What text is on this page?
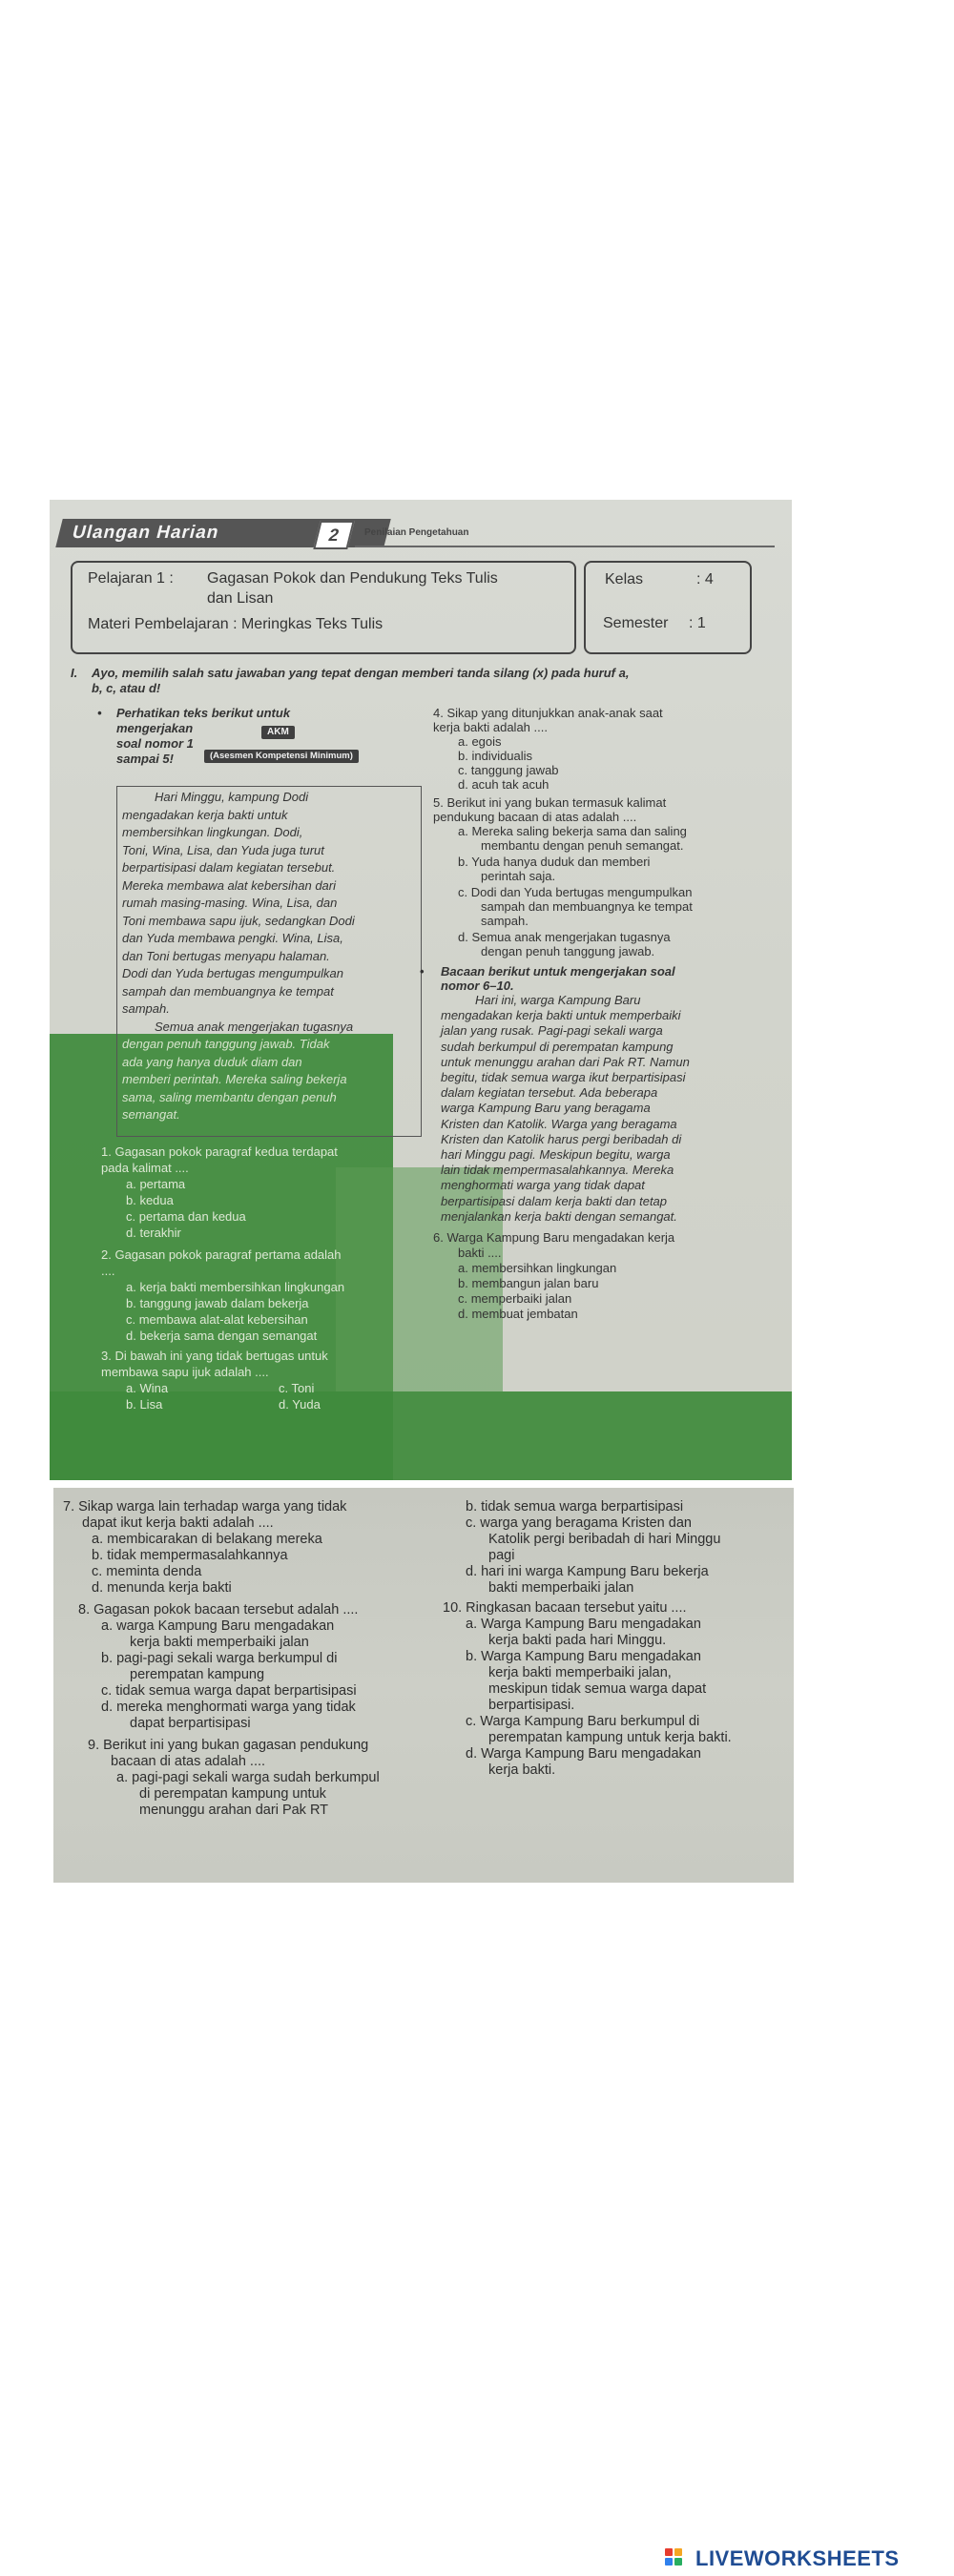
Ulangan Harian	2	Penilaian Pengetahuan
Pelajaran 1 : Gagasan Pokok dan Pendukung Teks Tulis
dan Lisan
Materi Pembelajaran : Meringkas Teks Tulis
Kelas	: 4
Semester : 1
I. Ayo, memilih salah satu jawaban yang tepat dengan memberi tanda silang (x) pada huruf a,
b, c, atau d!
• Perhatikan teks berikut untuk
mengerjakan
soal nomor 1
sampai 5!
AKM
(Asesmen Kompetensi Minimum)
Hari Minggu, kampung Dodi
mengadakan kerja bakti untuk
membersihkan lingkungan. Dodi,
Toni, Wina, Lisa, dan Yuda juga turut
berpartisipasi dalam kegiatan tersebut.
Mereka membawa alat kebersihan dari
rumah masing-masing. Wina, Lisa, dan
Toni membawa sapu ijuk, sedangkan Dodi
dan Yuda membawa pengki. Wina, Lisa,
dan Toni bertugas menyapu halaman.
Dodi dan Yuda bertugas mengumpulkan
sampah dan membuangnya ke tempat
sampah.
Semua anak mengerjakan tugasnya
dengan penuh tanggung jawab. Tidak
ada yang hanya duduk diam dan
memberi perintah. Mereka saling bekerja
sama, saling membantu dengan penuh
semangat.
1. Gagasan pokok paragraf kedua terdapat
pada kalimat ....
a. pertama
b. kedua
c. pertama dan kedua
d. terakhir
2. Gagasan pokok paragraf pertama adalah
....
a. kerja bakti membersihkan lingkungan
b. tanggung jawab dalam bekerja
c. membawa alat-alat kebersihan
d. bekerja sama dengan semangat
3. Di bawah ini yang tidak bertugas untuk
membawa sapu ijuk adalah ....
a. Wina	c. Toni
b. Lisa	d. Yuda
4. Sikap yang ditunjukkan anak-anak saat
kerja bakti adalah ....
a. egois
b. individualis
c. tanggung jawab
d. acuh tak acuh
5. Berikut ini yang bukan termasuk kalimat
pendukung bacaan di atas adalah ....
a. Mereka saling bekerja sama dan saling
membantu dengan penuh semangat.
b. Yuda hanya duduk dan memberi
perintah saja.
c. Dodi dan Yuda bertugas mengumpulkan
sampah dan membuangnya ke tempat
sampah.
d. Semua anak mengerjakan tugasnya
dengan penuh tanggung jawab.
• Bacaan berikut untuk mengerjakan soal
nomor 6–10.
Hari ini, warga Kampung Baru
mengadakan kerja bakti untuk memperbaiki
jalan yang rusak. Pagi-pagi sekali warga
sudah berkumpul di perempatan kampung
untuk menunggu arahan dari Pak RT. Namun
begitu, tidak semua warga ikut berpartisipasi
dalam kegiatan tersebut. Ada beberapa
warga Kampung Baru yang beragama
Kristen dan Katolik. Warga yang beragama
Kristen dan Katolik harus pergi beribadah di
hari Minggu pagi. Meskipun begitu, warga
lain tidak mempermasalahkannya. Mereka
menghormati warga yang tidak dapat
berpartisipasi dalam kerja bakti dan tetap
menjalankan kerja bakti dengan semangat.
6. Warga Kampung Baru mengadakan kerja
bakti ....
a. membersihkan lingkungan
b. membangun jalan baru
c. memperbaiki jalan
d. membuat jembatan
7. Sikap warga lain terhadap warga yang tidak
dapat ikut kerja bakti adalah ....
a. membicarakan di belakang mereka
b. tidak mempermasalahkannya
c. meminta denda
d. menunda kerja bakti
8. Gagasan pokok bacaan tersebut adalah ....
a. warga Kampung Baru mengadakan
kerja bakti memperbaiki jalan
b. pagi-pagi sekali warga berkumpul di
perempatan kampung
c. tidak semua warga dapat berpartisipasi
d. mereka menghormati warga yang tidak
dapat berpartisipasi
9. Berikut ini yang bukan gagasan pendukung
bacaan di atas adalah ....
a. pagi-pagi sekali warga sudah berkumpul
di perempatan kampung untuk
menunggu arahan dari Pak RT
b. tidak semua warga berpartisipasi
c. warga yang beragama Kristen dan
Katolik pergi beribadah di hari Minggu
pagi
d. hari ini warga Kampung Baru bekerja
bakti memperbaiki jalan
10. Ringkasan bacaan tersebut yaitu ....
a. Warga Kampung Baru mengadakan
kerja bakti pada hari Minggu.
b. Warga Kampung Baru mengadakan
kerja bakti memperbaiki jalan,
meskipun tidak semua warga dapat
berpartisipasi.
c. Warga Kampung Baru berkumpul di
perempatan kampung untuk kerja bakti.
d. Warga Kampung Baru mengadakan
kerja bakti.
LIVEWORKSHEETS
